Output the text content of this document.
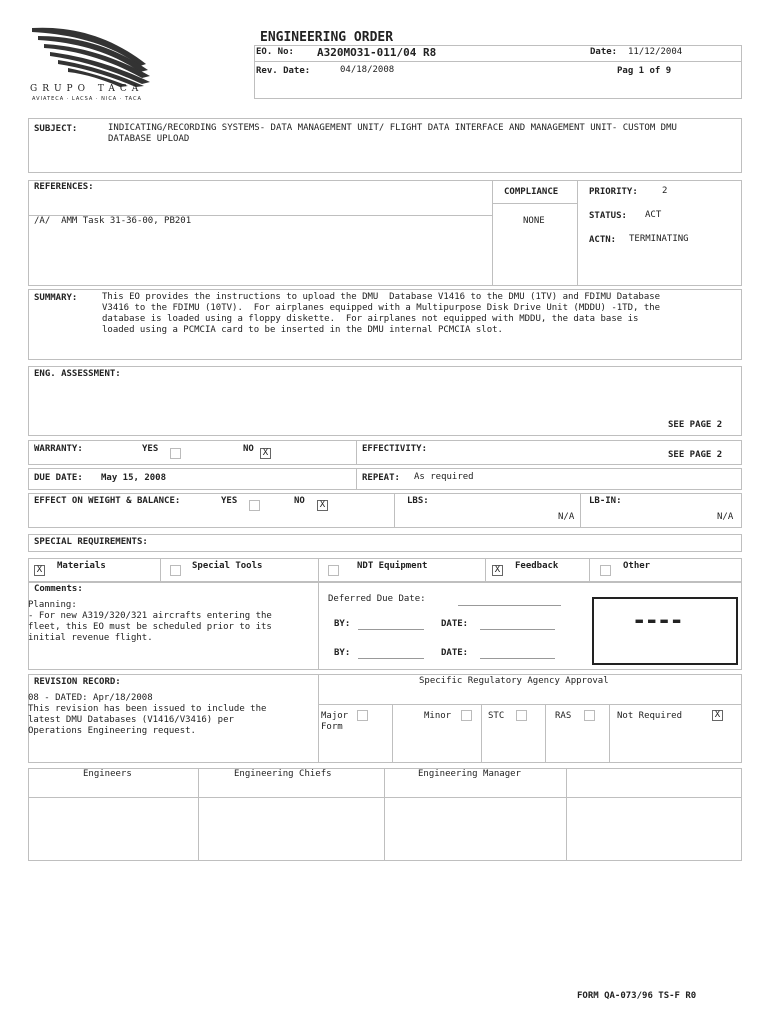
GRUPO TACA
AVIATECA · LACSA · NICA · TACA
ENGINEERING ORDER
EO. No: A320MO31-011/04 R8	Date: 11/12/2004
Rev. Date:	04/18/2008	Pag 1 of 9
SUBJECT:	INDICATING/RECORDING SYSTEMS- DATA MANAGEMENT UNIT/ FLIGHT DATA INTERFACE AND MANAGEMENT UNIT- CUSTOM DMU
DATABASE UPLOAD
REFERENCES:	COMPLIANCE
/A/  AMM Task 31-36-00, PB201	NONE
PRIORITY:	2
STATUS: ACT
ACTN: TERMINATING
SUMMARY:	This EO provides the instructions to upload the DMU  Database V1416 to the DMU (1TV) and FDIMU Database
V3416 to the FDIMU (10TV).  For airplanes equipped with a Multipurpose Disk Drive Unit (MDDU) -1TD, the
database is loaded using a floppy diskette.  For airplanes not equipped with MDDU, the data base is
loaded using a PCMCIA card to be inserted in the DMU internal PCMCIA slot.
ENG. ASSESSMENT:
SEE PAGE 2
WARRANTY:	YES	NO X	EFFECTIVITY:
SEE PAGE 2
DUE DATE: May 15, 2008	REPEAT: As required
EFFECT ON WEIGHT & BALANCE:	YES	NO	X	LBS:
N/A
LB-IN:
N/A
SPECIAL REQUIREMENTS:
X	Materials	Special Tools	NDT Equipment	X	Feedback	Other
Comments:
Planning:
- For new A319/320/321 aircrafts entering the
fleet, this EO must be scheduled prior to its
initial revenue flight.
Deferred Due Date:
BY:	DATE:
BY:	DATE:
----
REVISION RECORD:
08 - DATED: Apr/18/2008
This revision has been issued to include the
latest DMU Databases (V1416/V3416) per
Operations Engineering request.
Specific Regulatory Agency Approval
Major
Form
Minor	STC	RAS	Not Required	X
Engineers	Engineering Chiefs	Engineering Manager
FORM QA-073/96 TS-F R0
